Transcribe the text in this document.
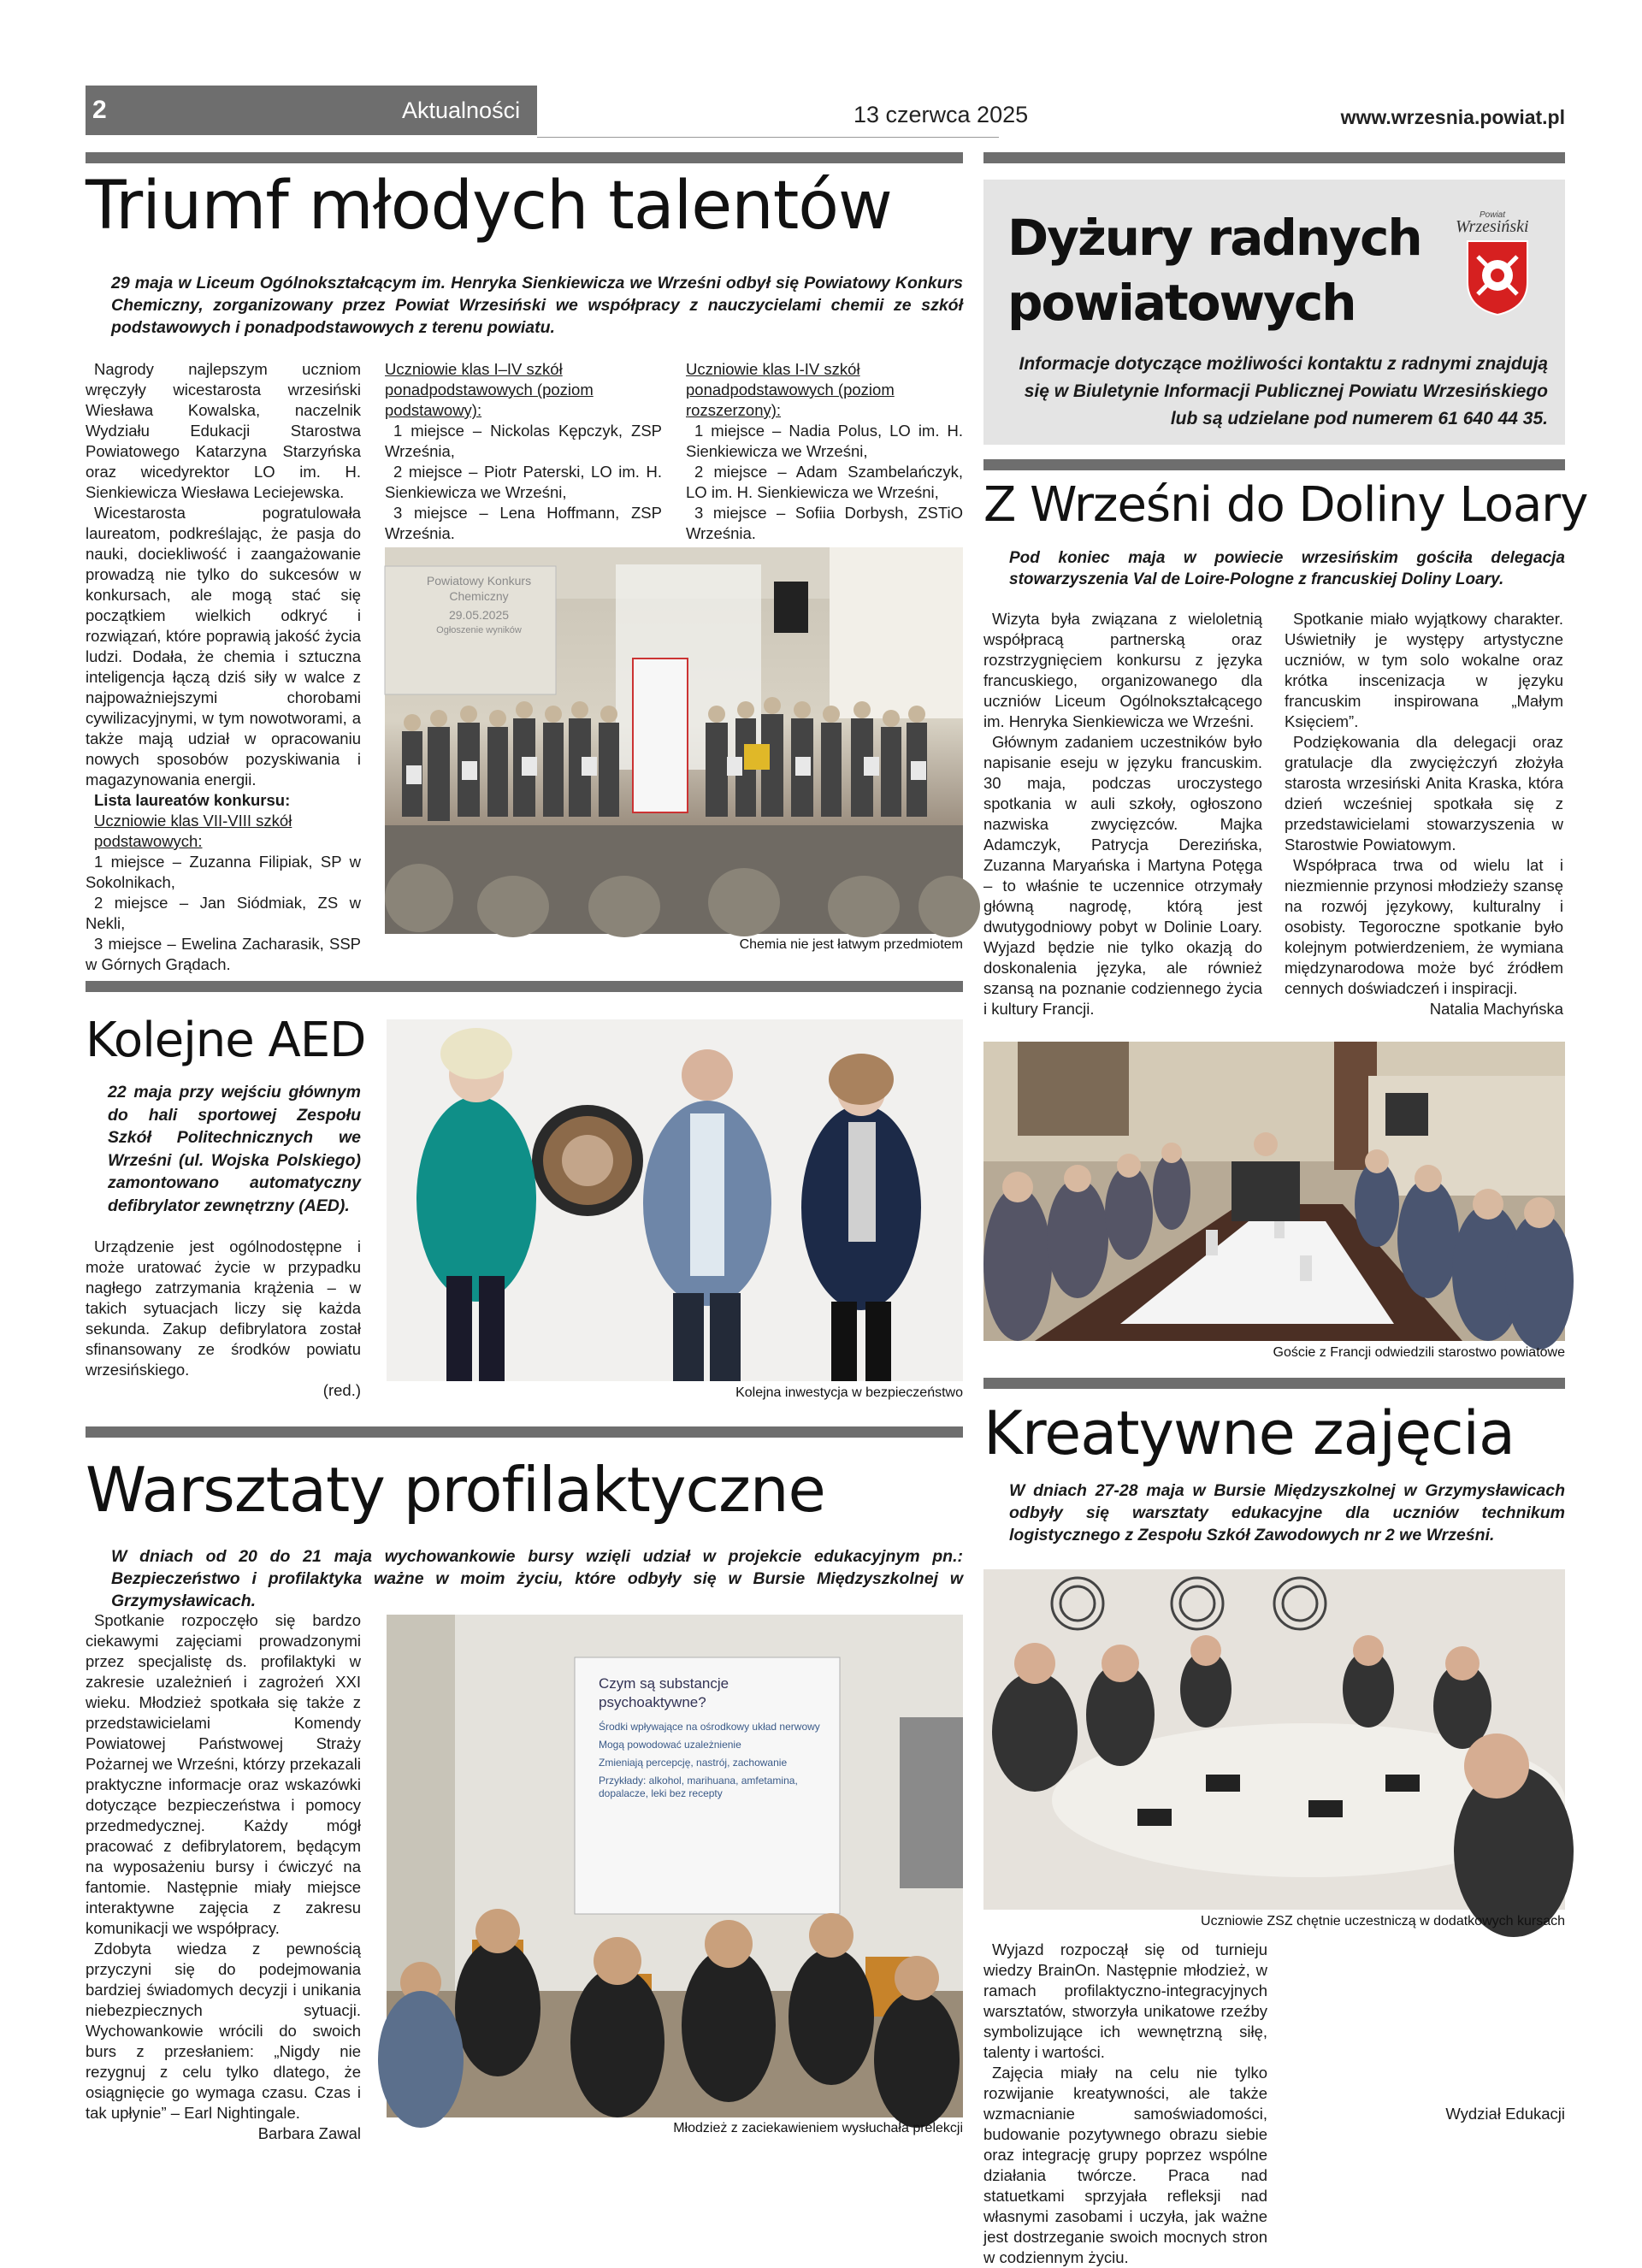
2	Aktualności	13 czerwca 2025	www.wrzesnia.powiat.pl
Triumf młodych talentów
29 maja w Liceum Ogólnokształcącym im. Henryka Sienkiewicza we Wrześni odbył się Powiatowy Konkurs Chemiczny, zorganizowany przez Powiat Wrzesiński we współpracy z nauczycielami chemii ze szkół podstawowych i ponadpodstawowych z terenu powiatu.

Nagrody najlepszym uczniom wręczyły wicestarosta wrzesiński Wiesława Kowalska, naczelnik Wydziału Edukacji Starostwa Powiatowego Katarzyna Starzyńska oraz wicedyrektor LO im. H. Sienkiewicza Wiesława Leciejewska.

Wicestarosta pogratulowała laureatom, podkreślając, że pasja do nauki, dociekliwość i zaangażowanie prowadzą nie tylko do sukcesów w konkursach, ale mogą stać się początkiem wielkich odkryć i rozwiązań, które poprawią jakość życia ludzi. Dodała, że chemia i sztuczna inteligencja łączą dziś siły w walce z najpoważniejszymi chorobami cywilizacyjnymi, w tym nowotworami, a także mają udział w opracowaniu nowych sposobów pozyskiwania i magazynowania energii.

Lista laureatów konkursu:

Uczniowie klas VII-VIII szkół podstawowych:

1 miejsce – Zuzanna Filipiak, SP w Sokolnikach,

2 miejsce – Jan Siódmiak, ZS w Nekli,

3 miejsce – Ewelina Zacharasik, SSP w Górnych Grądach.

Uczniowie klas I–IV szkół ponadpodstawowych (poziom podstawowy):

1 miejsce – Nickolas Kępczyk, ZSP Września,

2 miejsce – Piotr Paterski, LO im. H. Sienkiewicza we Wrześni,

3 miejsce – Lena Hoffmann, ZSP Września.

Uczniowie klas I-IV szkół ponadpodstawowych (poziom rozszerzony):

1 miejsce – Nadia Polus, LO im. H. Sienkiewicza we Wrześni,

2 miejsce – Adam Szambelańczyk, LO im. H. Sienkiewicza we Wrześni,

3 miejsce – Sofiia Dorbysh, ZSTiO Września.

Powiatowy Konkurs
Chemiczny
29.05.2025
Ogłoszenie wyników
Chemia nie jest łatwym przedmiotem
Dyżury radnych powiatowych
Powiat
Wrzesiński
Informacje dotyczące możliwości kontaktu z radnymi znajdują się w Biuletynie Informacji Publicznej Powiatu Wrzesińskiego lub są udzielane pod numerem 61 640 44 35.
Z Wrześni do Doliny Loary
Pod koniec maja w powiecie wrzesińskim gościła delegacja stowarzyszenia Val de Loire-Pologne z francuskiej Doliny Loary.

Wizyta była związana z wieloletnią współpracą partnerską oraz rozstrzygnięciem konkursu z języka francuskiego, organizowanego dla uczniów Liceum Ogólnokształcącego im. Henryka Sienkiewicza we Wrześni.

Głównym zadaniem uczestników było napisanie eseju w języku francuskim. 30 maja, podczas uroczystego spotkania w auli szkoły, ogłoszono nazwiska zwycięzców. Majka Adamczyk, Patrycja Derezińska, Zuzanna Maryańska i Martyna Potęga – to właśnie te uczennice otrzymały główną nagrodę, którą jest dwutygodniowy pobyt w Dolinie Loary. Wyjazd będzie nie tylko okazją do doskonalenia języka, ale również szansą na poznanie codziennego życia i kultury Francji.

Spotkanie miało wyjątkowy charakter. Uświetniły je występy artystyczne uczniów, w tym solo wokalne oraz krótka inscenizacja w języku francuskim inspirowana „Małym Księciem”.

Podziękowania dla delegacji oraz gratulacje dla zwyciężczyń złożyła starosta wrzesiński Anita Kraska, która dzień wcześniej spotkała się z przedstawicielami stowarzyszenia w Starostwie Powiatowym.

Współpraca trwa od wielu lat i niezmiennie przynosi młodzieży szansę na rozwój językowy, kulturalny i osobisty. Tegoroczne spotkanie było kolejnym potwierdzeniem, że wymiana międzynarodowa może być źródłem cennych doświadczeń i inspiracji.

Natalia Machyńska

Goście z Francji odwiedzili starostwo powiatowe
Kolejne AED
22 maja przy wejściu głównym do hali sportowej Zespołu Szkół Politechnicznych we Wrześni (ul. Wojska Polskiego) zamontowano automatyczny defibrylator zewnętrzny (AED).

Urządzenie jest ogólnodostępne i może uratować życie w przypadku nagłego zatrzymania krążenia – w takich sytuacjach liczy się każda sekunda. Zakup defibrylatora został sfinansowany ze środków powiatu wrzesińskiego.

(red.)	Kolejna inwestycja w bezpieczeństwo
Warsztaty profilaktyczne
W dniach od 20 do 21 maja wychowankowie bursy wzięli udział w projekcie edukacyjnym pn.: Bezpieczeństwo i profilaktyka ważne w moim życiu, które odbyły się w Bursie Międzyszkolnej w Grzymysławicach.

Spotkanie rozpoczęło się bardzo ciekawymi zajęciami prowadzonymi przez specjalistę ds. profilaktyki w zakresie uzależnień i zagrożeń XXI wieku. Młodzież spotkała się także z przedstawicielami Komendy Powiatowej Państwowej Straży Pożarnej we Wrześni, którzy przekazali praktyczne informacje oraz wskazówki dotyczące bezpieczeństwa i pomocy przedmedycznej. Każdy mógł pracować z defibrylatorem, będącym na wyposażeniu bursy i ćwiczyć na fantomie. Następnie miały miejsce interaktywne zajęcia z zakresu komunikacji we współpracy.

Zdobyta wiedza z pewnością przyczyni się do podejmowania bardziej świadomych decyzji i unikania niebezpiecznych sytuacji. Wychowankowie wrócili do swoich burs z przesłaniem: „Nigdy nie rezygnuj z celu tylko dlatego, że osiągnięcie go wymaga czasu. Czas i tak upłynie” – Earl Nightingale.

Barbara Zawal

Czym są substancje psychoaktywne?
Środki wpływające na ośrodkowy układ nerwowy
Mogą powodować uzależnienie
Zmieniają percepcję, nastrój, zachowanie
Przykłady: alkohol, marihuana, amfetamina, dopalacze, leki bez recepty
Młodzież z zaciekawieniem wysłuchała prelekcji
Kreatywne zajęcia
W dniach 27-28 maja w Bursie Międzyszkolnej w Grzymysławicach odbyły się warsztaty edukacyjne dla uczniów technikum logistycznego z Zespołu Szkół Zawodowych nr 2 we Wrześni.
Uczniowie ZSZ chętnie uczestniczą w dodatkowych kursach

Wyjazd rozpoczął się od turnieju wiedzy BrainOn. Następnie młodzież, w ramach profilaktyczno-integracyjnych warsztatów, stworzyła unikatowe rzeźby symbolizujące ich wewnętrzną siłę, talenty i wartości.

Zajęcia miały na celu nie tylko rozwijanie kreatywności, ale także wzmacnianie samoświadomości, budowanie pozytywnego obrazu siebie oraz integrację grupy poprzez wspólne działania twórcze. Praca nad statuetkami sprzyjała refleksji nad własnymi zasobami i uczyła, jak ważne jest dostrzeganie swoich mocnych stron w codziennym życiu.

Wydział Edukacji
